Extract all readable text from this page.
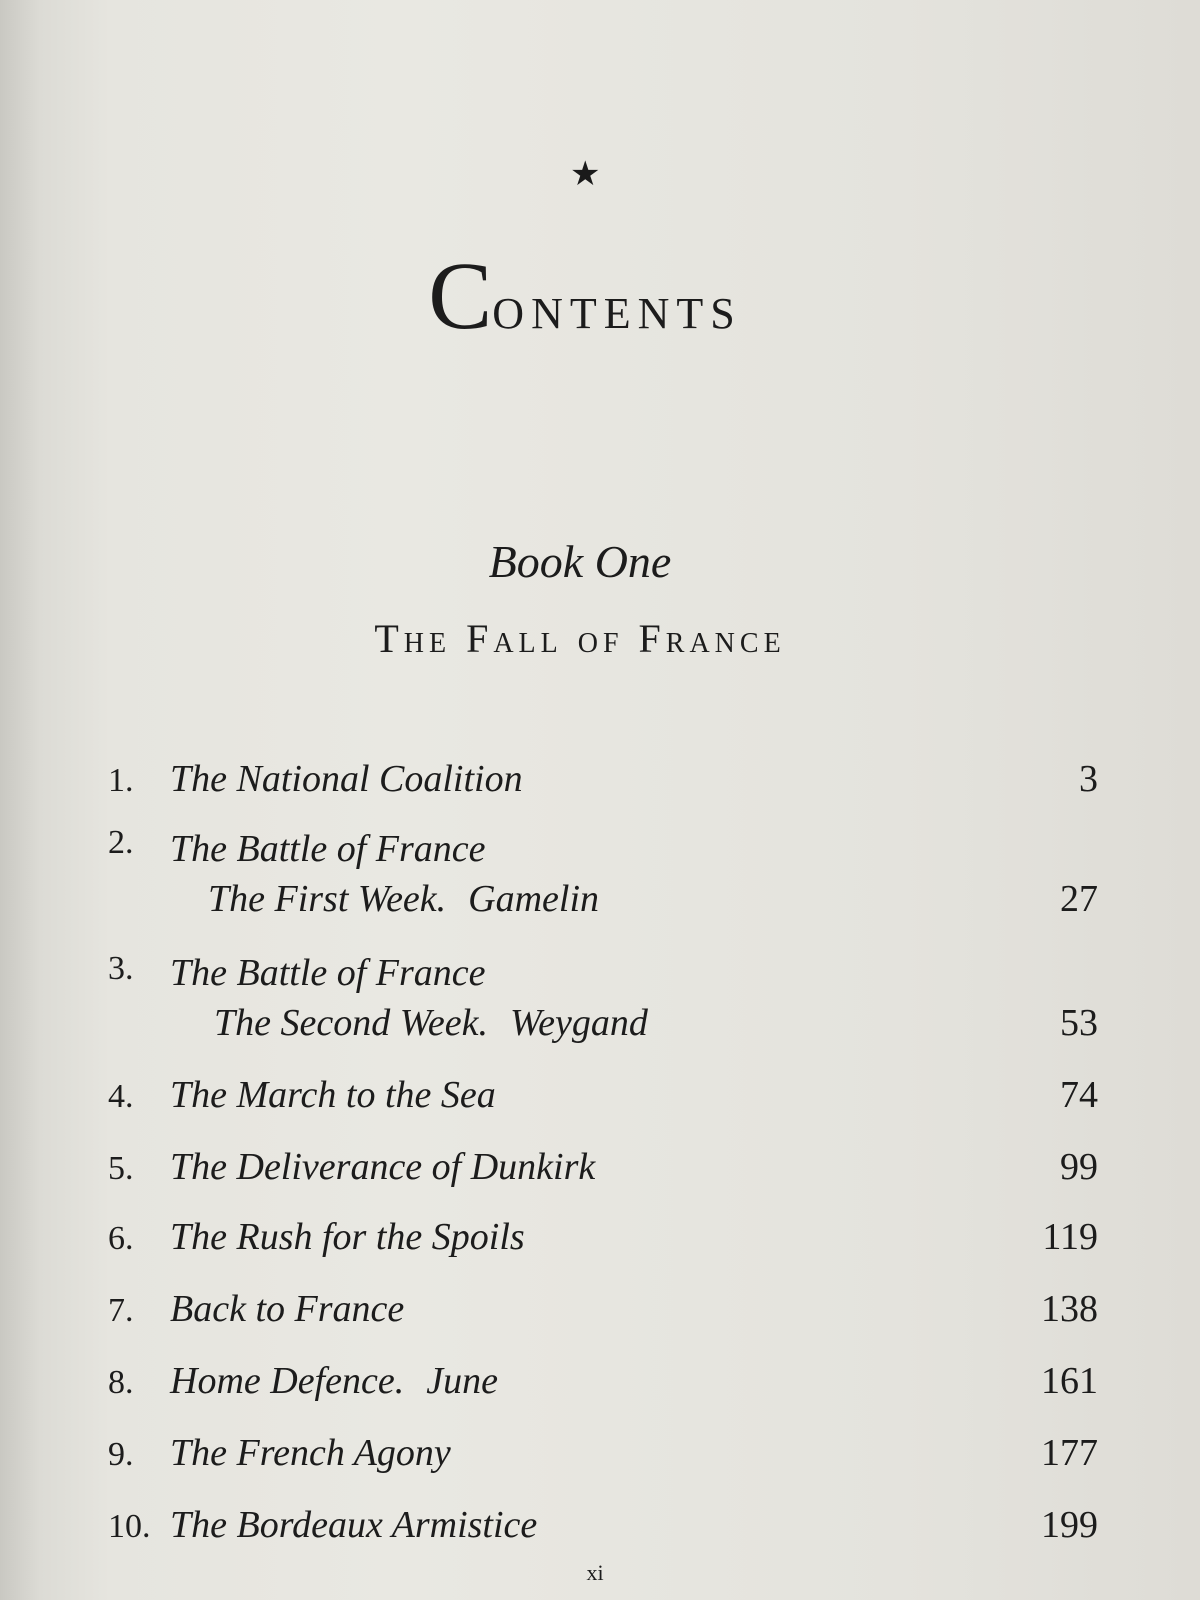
★
CONTENTS
Book One
The Fall of France
1. The National Coalition	3
2. The Battle of France
The First Week. Gamelin	27
3. The Battle of France
The Second Week. Weygand	53
4. The March to the Sea	74
5. The Deliverance of Dunkirk	99
6. The Rush for the Spoils	119
7. Back to France	138
8. Home Defence. June	161
9. The French Agony	177
10. The Bordeaux Armistice	199
xi
